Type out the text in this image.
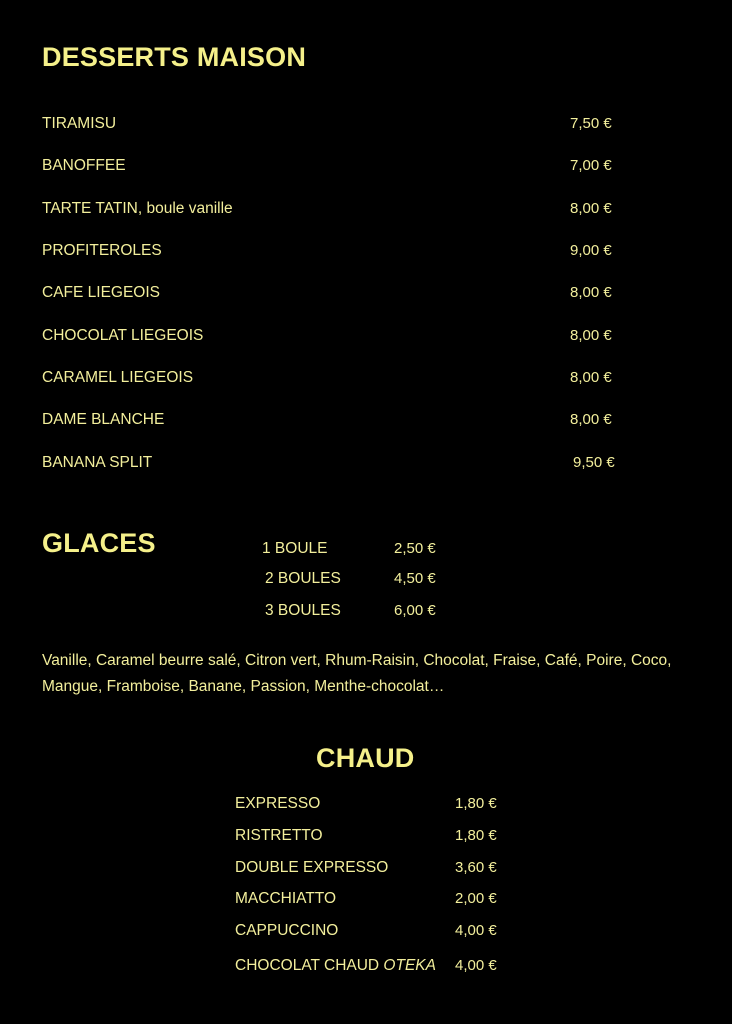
DESSERTS MAISON
TIRAMISU	7,50 €
BANOFFEE	7,00 €
TARTE TATIN, boule vanille	8,00 €
PROFITEROLES	9,00 €
CAFE LIEGEOIS	8,00 €
CHOCOLAT LIEGEOIS	8,00 €
CARAMEL LIEGEOIS	8,00 €
DAME BLANCHE	8,00 €
BANANA SPLIT	9,50 €
GLACES	1 BOULE	2,50 €
2 BOULES	4,50 €
3 BOULES	6,00 €
Vanille, Caramel beurre salé, Citron vert, Rhum-Raisin, Chocolat, Fraise, Café, Poire, Coco, Mangue, Framboise, Banane, Passion, Menthe-chocolat…
CHAUD
EXPRESSO	1,80 €
RISTRETTO	1,80 €
DOUBLE EXPRESSO	3,60 €
MACCHIATTO	2,00 €
CAPPUCCINO	4,00 €
CHOCOLAT CHAUD OTEKA 4,00 €
